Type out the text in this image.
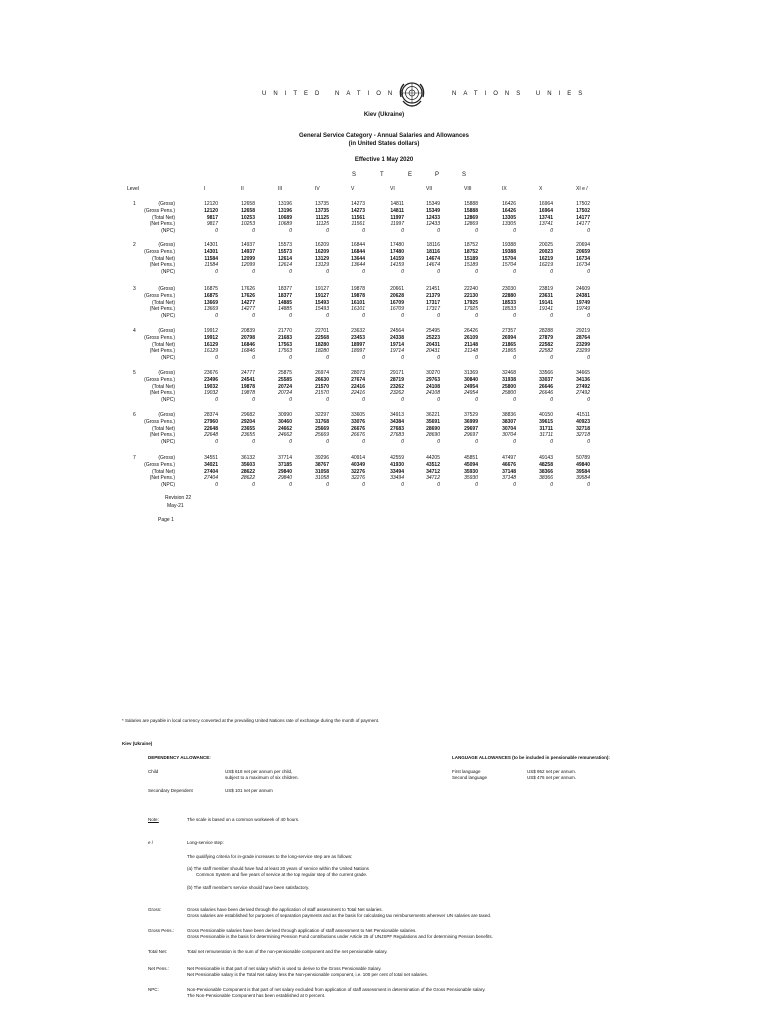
UNITED NATIONS	NATIONS UNIES
Kiev (Ukraine)
General Service Category - Annual Salaries and Allowances
(in United States dollars)
Effective 1 May 2020
S	T	E	P	S
Level	I	II	III	IV	V	VI	VII	VIII	IX	X	XI e /
1	(Gross)	12120	12658	13196	13735	14273	14811	15349	15888	16426	16964	17502
(Gross Pens.)	12120	12658	13196	13735	14273	14811	15349	15888	16426	16964	17502
(Total Net)	9817	10253	10689	11125	11561	11997	12433	12869	13305	13741	14177
(Net Pens.)	9817	10253	10689	11125	11561	11997	12433	12869	13305	13741	14177
(NPC)	0	0	0	0	0	0	0	0	0	0	0
2	(Gross)	14301	14937	15573	16209	16844	17480	18116	18752	19388	20025	20694
(Gross Pens.)	14301	14937	15573	16209	16844	17480	18116	18752	19388	20023	20659
(Total Net)	11584	12099	12614	13129	13644	14159	14674	15189	15704	16219	16734
(Net Pens.)	11584	12099	12614	13129	13644	14159	14674	15189	15704	16219	16734
(NPC)	0	0	0	0	0	0	0	0	0	0	0
3	(Gross)	16875	17626	18377	19127	19878	20661	21451	22240	23030	23819	24609
(Gross Pens.)	16875	17626	18377	19127	19878	20628	21379	22130	22880	23631	24381
(Total Net)	13669	14277	14885	15493	16101	16709	17317	17925	18533	19141	19749
(Net Pens.)	13669	14277	14885	15493	16101	16709	17317	17925	18533	19141	19749
(NPC)	0	0	0	0	0	0	0	0	0	0	0
4	(Gross)	19912	20839	21770	22701	23632	24564	25495	26426	27357	28288	29219
(Gross Pens.)	19912	20798	21683	22568	23453	24338	25223	26109	26994	27879	28764
(Total Net)	16129	16846	17563	18280	18997	19714	20431	21148	21865	22582	23299
(Net Pens.)	16129	16846	17563	18280	18997	19714	20431	21148	21865	22582	23299
(NPC)	0	0	0	0	0	0	0	0	0	0	0
5	(Gross)	23676	24777	25875	26974	28073	29171	30270	31369	32468	33566	34665
(Gross Pens.)	23496	24541	25585	26630	27674	28719	29763	30840	31938	33037	34136
(Total Net)	19032	19878	20724	21570	22416	23262	24108	24954	25800	26646	27492
(Net Pens.)	19032	19878	20724	21570	22416	23262	24108	24954	25800	26646	27492
(NPC)	0	0	0	0	0	0	0	0	0	0	0
6	(Gross)	28374	29682	30990	32297	33605	34913	36221	37529	38836	40150	41511
(Gross Pens.)	27960	29204	30460	31768	33076	34384	35691	36999	38307	39615	40923
(Total Net)	22648	23655	24662	25669	26676	27683	28690	29697	30704	31711	32718
(Net Pens.)	22648	23655	24662	25669	26676	27683	28690	29697	30704	31711	32718
(NPC)	0	0	0	0	0	0	0	0	0	0	0
7	(Gross)	34551	36132	37714	39296	40914	42559	44205	45851	47497	49143	50789
(Gross Pens.)	34021	35603	37185	38767	40349	41930	43512	45094	46676	48258	49840
(Total Net)	27404	28622	29840	31058	32276	33494	34712	35930	37148	38366	39584
(Net Pens.)	27404	28622	29840	31058	32276	33494	34712	35930	37148	38366	39584
(NPC)	0	0	0	0	0	0	0	0	0	0	0
Revision 22
May-21
Page 1
* Salaries are payable in local currency converted at the prevailing United Nations rate of exchange during the month of payment.
Kiev (Ukraine)
DEPENDENCY ALLOWANCE:
Child	US$ 618 net per annum per child,
subject to a maximum of six children.
Secondary Dependent	US$ 101 net per annum
LANGUAGE ALLOWANCES (to be included in pensionable remuneration):
First language	US$ 952 net per annum.
Second language	US$ 476 net per annum.
Note:	The scale is based on a common workweek of 40 hours.
e /	Long-service step:
The qualifying criteria for in-grade increases to the long-service step are as follows:
(a) The staff member should have had at least 20 years of service within the United Nations
Common System and five years of service at the top regular step of the current grade.
(b) The staff member's service should have been satisfactory.
Gross:	Gross salaries have been derived through the application of staff assessment to Total Net salaries.
Gross salaries are established for purposes of separation payments and as the basis for calculating tax reimbursements wherever UN salaries are taxed.
Gross Pens.:	Gross Pensionable salaries have been derived through application of staff assessment to Net Pensionable salaries.
Gross Pensionable is the basis for determining Pension Fund contributions under Article 25 of UNJSPF Regulations and for determining Pension benefits.
Total Net:	Total net remuneration is the sum of the non-pensionable component and the net pensionable salary.
Net Pens.:	Net Pensionable is that part of net salary which is used to derive to the Gross Pensionable Salary.
Net Pensionable salary is the Total Net salary less the Non-pensionable component, i.e. 100 per cent of total net salaries.
NPC:	Non-Pensionable Component is that part of net salary excluded from application of staff assessment in determination of the Gross Pensionable salary.
The Non-Pensionable Component has been established at 0 percent.
